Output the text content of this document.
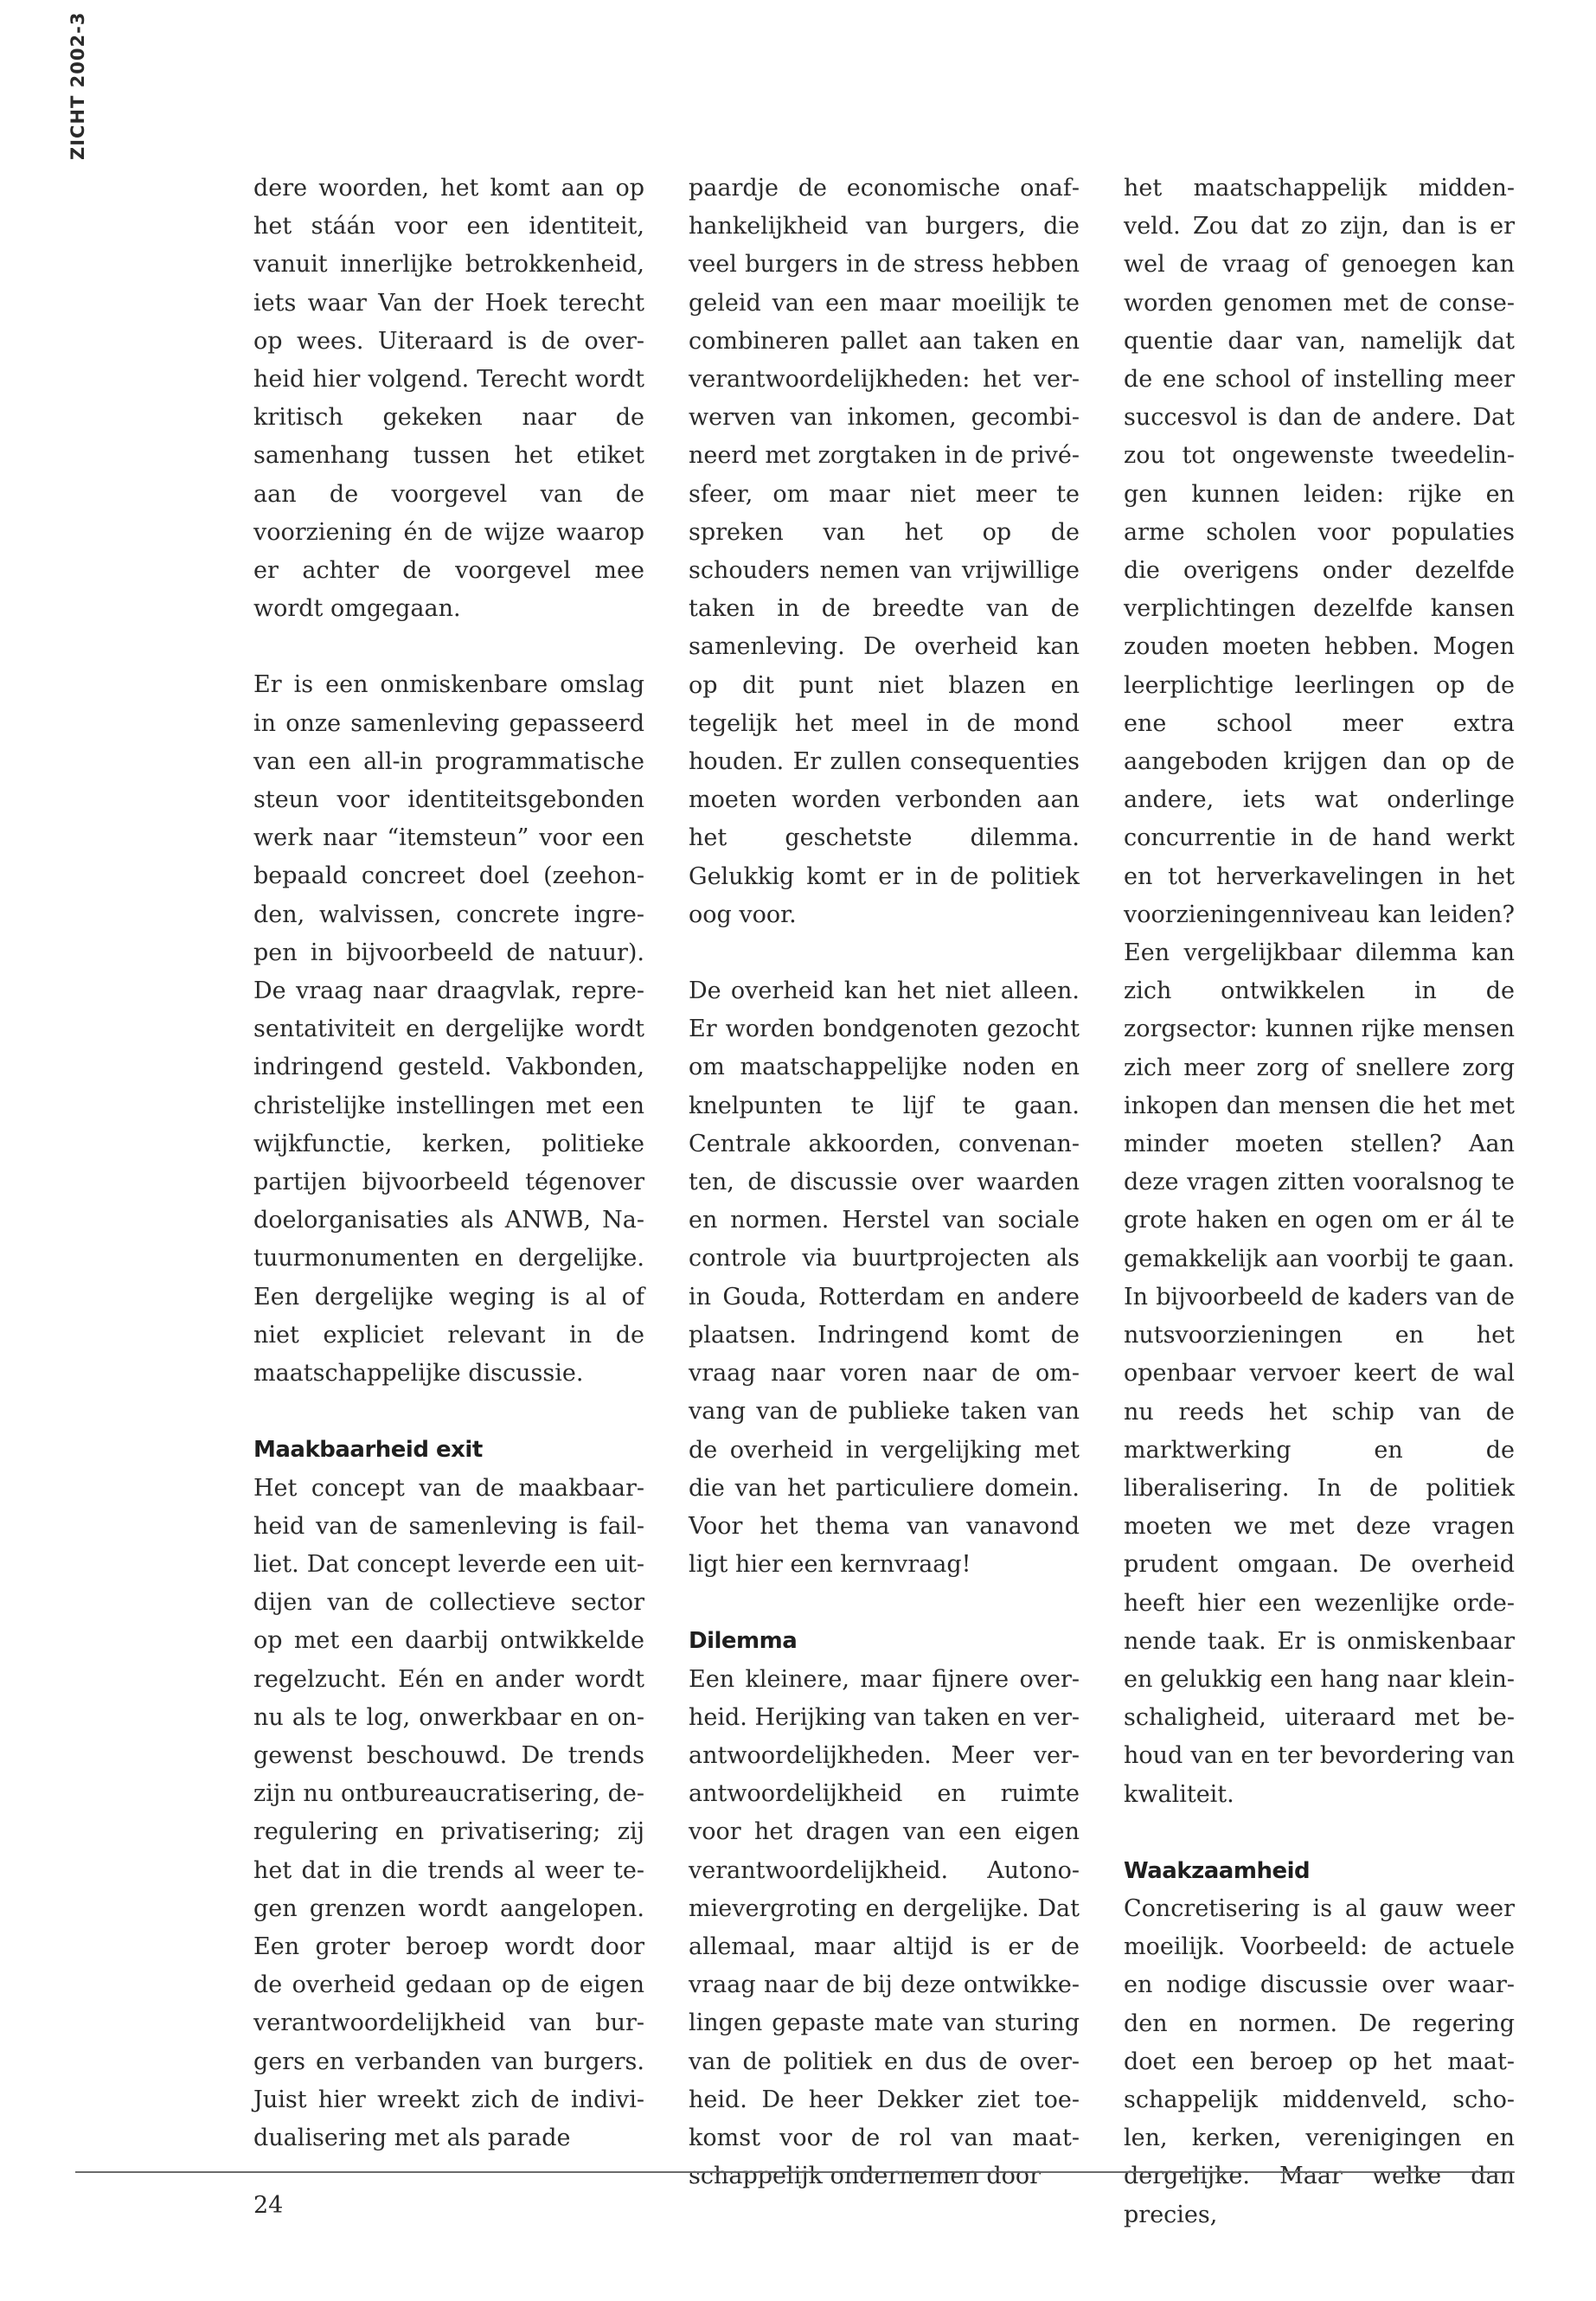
ZICHT 2002-3

dere woorden, het komt aan op het stáán voor een identiteit, vanuit innerlijke betrokkenheid, iets waar Van der Hoek terecht op wees. Uiteraard is de overheid hier volgend. Terecht wordt kritisch gekeken naar de samenhang tussen het etiket aan de voorgevel van de voorziening én de wijze waarop er achter de voorgevel mee wordt omgegaan.

Er is een onmiskenbare omslag in onze samenleving gepasseerd van een all-in programmatische steun voor identiteitsgebonden werk naar “itemsteun” voor een bepaald concreet doel (zeehonden, walvissen, concrete ingrepen in bijvoorbeeld de natuur). De vraag naar draagvlak, representativiteit en dergelijke wordt indringend gesteld. Vakbonden, christelijke instellingen met een wijkfunctie, kerken, politieke partijen bijvoorbeeld tégenover doelorganisaties als ANWB, Natuurmonumenten en dergelijke. Een dergelijke weging is al of niet expliciet relevant in de maatschappelijke discussie.

Maakbaarheid exit

Het concept van de maakbaarheid van de samenleving is failliet. Dat concept leverde een uitdijen van de collectieve sector op met een daarbij ontwikkelde regelzucht. Eén en ander wordt nu als te log, onwerkbaar en ongewenst beschouwd. De trends zijn nu ontbureaucratisering, deregulering en privatisering; zij het dat in die trends al weer tegen grenzen wordt aangelopen. Een groter beroep wordt door de overheid gedaan op de eigen verantwoordelijkheid van burgers en verbanden van burgers. Juist hier wreekt zich de individualisering met als parade

paardje de economische onafhankelijkheid van burgers, die veel burgers in de stress hebben geleid van een maar moeilijk te combineren pallet aan taken en verantwoordelijkheden: het verwerven van inkomen, gecombineerd met zorgtaken in de privésfeer, om maar niet meer te spreken van het op de schouders nemen van vrijwillige taken in de breedte van de samenleving. De overheid kan op dit punt niet blazen en tegelijk het meel in de mond houden. Er zullen consequenties moeten worden verbonden aan het geschetste dilemma. Gelukkig komt er in de politiek oog voor.

De overheid kan het niet alleen. Er worden bondgenoten gezocht om maatschappelijke noden en knelpunten te lijf te gaan. Centrale akkoorden, convenanten, de discussie over waarden en normen. Herstel van sociale controle via buurtprojecten als in Gouda, Rotterdam en andere plaatsen. Indringend komt de vraag naar voren naar de omvang van de publieke taken van de overheid in vergelijking met die van het particuliere domein. Voor het thema van vanavond ligt hier een kernvraag!

Dilemma

Een kleinere, maar fijnere overheid. Herijking van taken en verantwoordelijkheden. Meer verantwoordelijkheid en ruimte voor het dragen van een eigen verantwoordelijkheid. Autonomievergroting en dergelijke. Dat allemaal, maar altijd is er de vraag naar de bij deze ontwikkelingen gepaste mate van sturing van de politiek en dus de overheid. De heer Dekker ziet toekomst voor de rol van maatschappelijk ondernemen door

het maatschappelijk middenveld. Zou dat zo zijn, dan is er wel de vraag of genoegen kan worden genomen met de consequentie daar van, namelijk dat de ene school of instelling meer succesvol is dan de andere. Dat zou tot ongewenste tweedelingen kunnen leiden: rijke en arme scholen voor populaties die overigens onder dezelfde verplichtingen dezelfde kansen zouden moeten hebben. Mogen leerplichtige leerlingen op de ene school meer extra aangeboden krijgen dan op de andere, iets wat onderlinge concurrentie in de hand werkt en tot herverkavelingen in het voorzieningenniveau kan leiden? Een vergelijkbaar dilemma kan zich ontwikkelen in de zorgsector: kunnen rijke mensen zich meer zorg of snellere zorg inkopen dan mensen die het met minder moeten stellen? Aan deze vragen zitten vooralsnog te grote haken en ogen om er ál te gemakkelijk aan voorbij te gaan. In bijvoorbeeld de kaders van de nutsvoorzieningen en het openbaar vervoer keert de wal nu reeds het schip van de marktwerking en de liberalisering. In de politiek moeten we met deze vragen prudent omgaan. De overheid heeft hier een wezenlijke ordenende taak. Er is onmiskenbaar en gelukkig een hang naar kleinschaligheid, uiteraard met behoud van en ter bevordering van kwaliteit.

Waakzaamheid

Concretisering is al gauw weer moeilijk. Voorbeeld: de actuele en nodige discussie over waarden en normen. De regering doet een beroep op het maatschappelijk middenveld, scholen, kerken, verenigingen en dergelijke. Maar welke dan precies,

24
